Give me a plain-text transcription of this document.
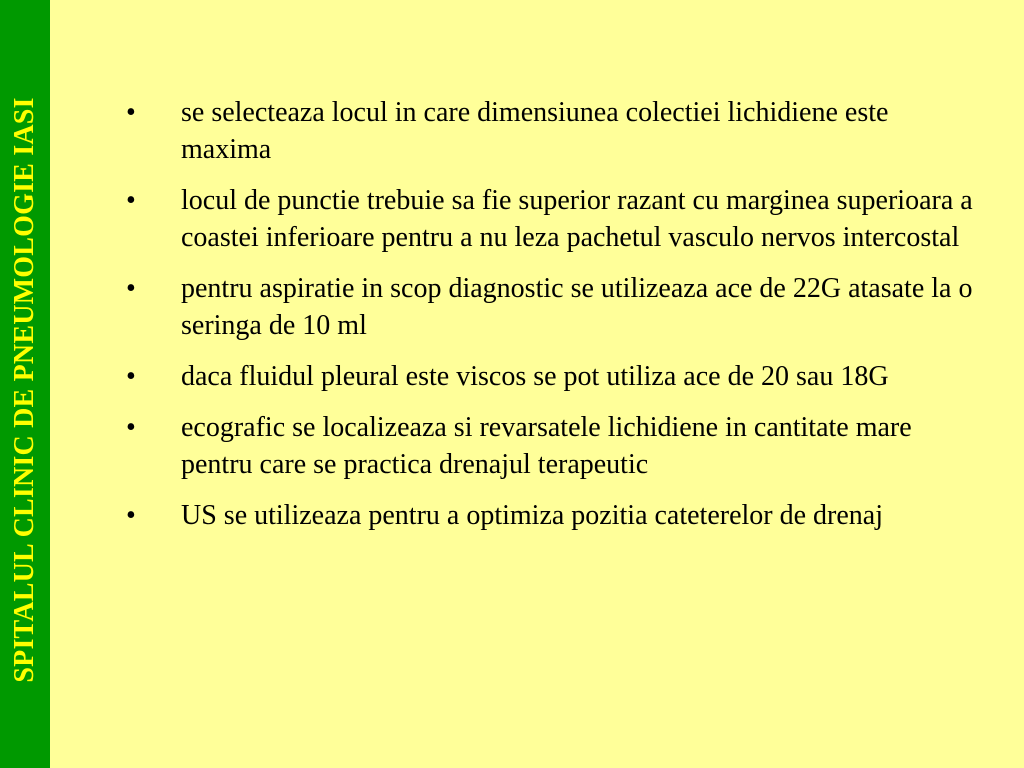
SPITALUL CLINIC DE PNEUMOLOGIE IASI	• se selecteaza locul in care dimensiunea colectiei lichidiene este maxima
• locul de punctie trebuie sa fie superior razant cu marginea superioara a coastei inferioare pentru a nu leza pachetul vasculo nervos intercostal
• pentru aspiratie in scop diagnostic se utilizeaza ace de 22G atasate la o seringa de 10 ml
• daca fluidul pleural este viscos se pot utiliza ace de 20 sau 18G
• ecografic se localizeaza si revarsatele lichidiene in cantitate mare pentru care se practica drenajul terapeutic
• US se utilizeaza pentru a optimiza pozitia cateterelor de drenaj
